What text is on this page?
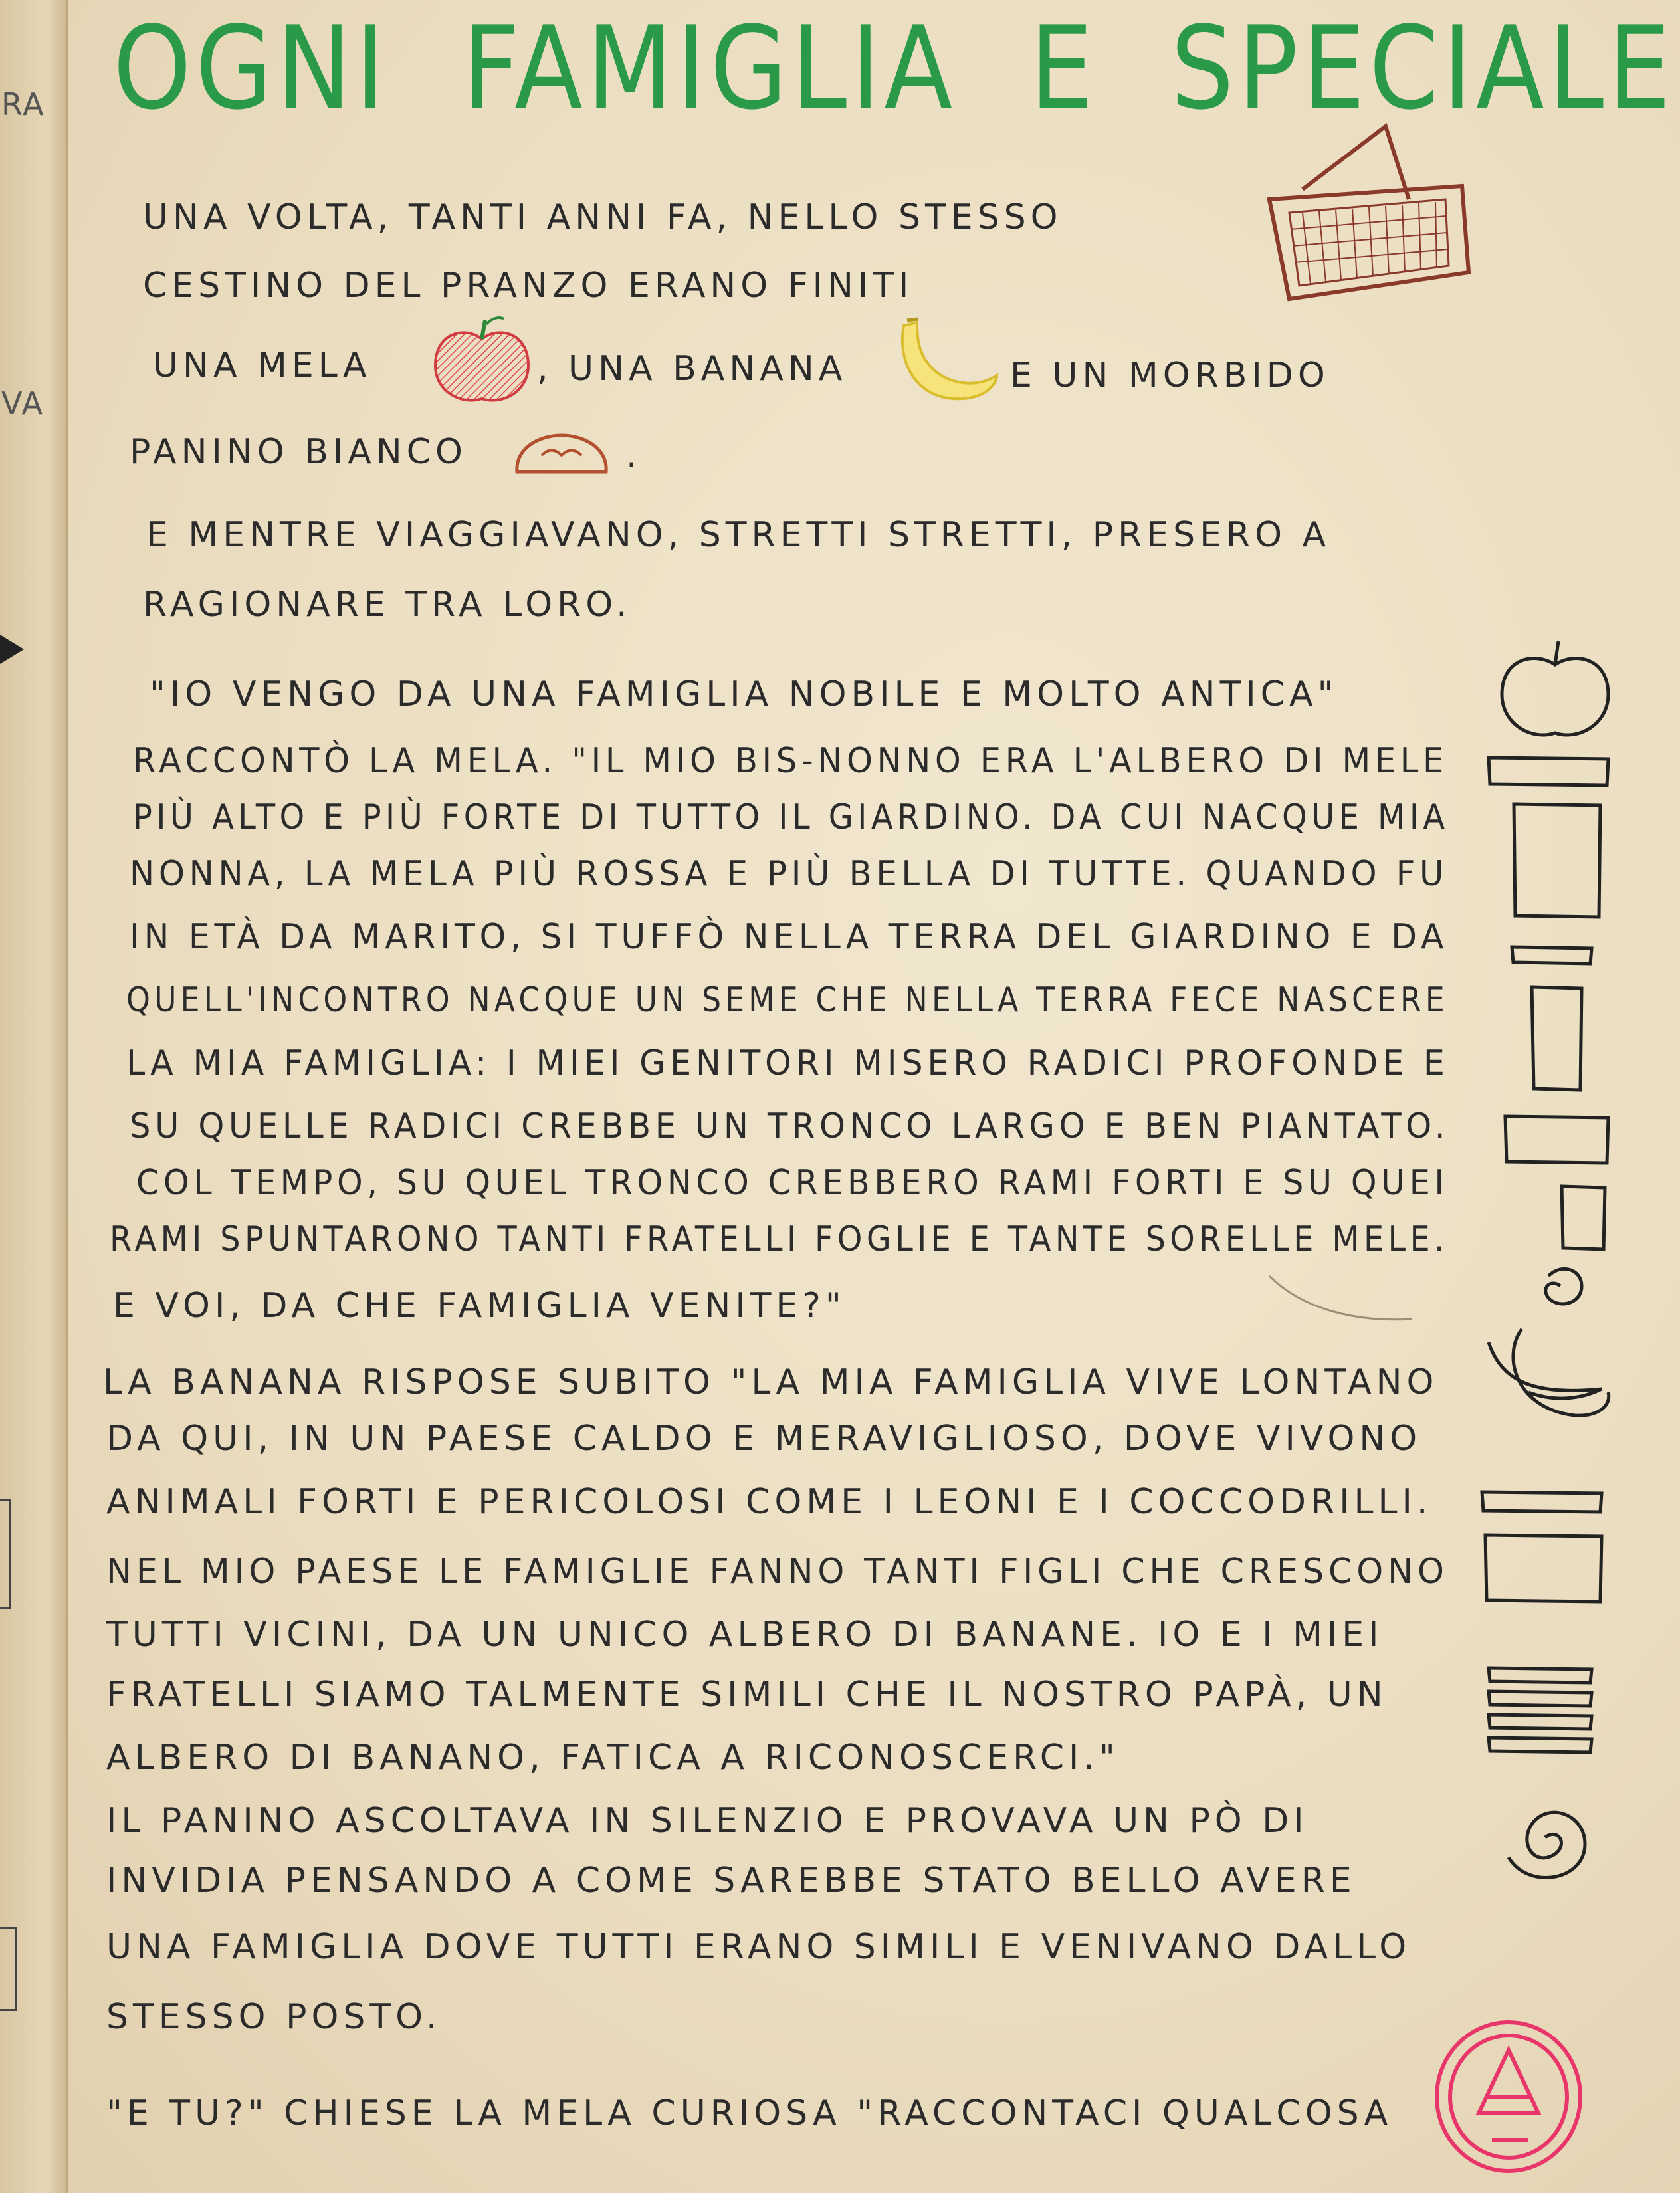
RA
VA
OGNI FAMIGLIA E SPECIALE
UNA VOLTA, TANTI ANNI FA, NELLO STESSO
CESTINO DEL PRANZO ERANO FINITI
UNA MELA	, UNA BANANA	E UN MORBIDO
PANINO BIANCO	.
E MENTRE VIAGGIAVANO, STRETTI STRETTI, PRESERO A
RAGIONARE TRA LORO.
"IO VENGO DA UNA FAMIGLIA NOBILE E MOLTO ANTICA"
RACCONTÒ LA MELA. "IL MIO BIS-NONNO ERA L'ALBERO DI MELE
PIÙ ALTO E PIÙ FORTE DI TUTTO IL GIARDINO. DA CUI NACQUE MIA
NONNA, LA MELA PIÙ ROSSA E PIÙ BELLA DI TUTTE. QUANDO FU
IN ETÀ DA MARITO, SI TUFFÒ NELLA TERRA DEL GIARDINO E DA
QUELL'INCONTRO NACQUE UN SEME CHE NELLA TERRA FECE NASCERE
LA MIA FAMIGLIA: I MIEI GENITORI MISERO RADICI PROFONDE E
SU QUELLE RADICI CREBBE UN TRONCO LARGO E BEN PIANTATO.
COL TEMPO, SU QUEL TRONCO CREBBERO RAMI FORTI E SU QUEI
RAMI SPUNTARONO TANTI FRATELLI FOGLIE E TANTE SORELLE MELE.
E VOI, DA CHE FAMIGLIA VENITE?"
LA BANANA RISPOSE SUBITO "LA MIA FAMIGLIA VIVE LONTANO
DA QUI, IN UN PAESE CALDO E MERAVIGLIOSO, DOVE VIVONO
ANIMALI FORTI E PERICOLOSI COME I LEONI E I COCCODRILLI.
NEL MIO PAESE LE FAMIGLIE FANNO TANTI FIGLI CHE CRESCONO
TUTTI VICINI, DA UN UNICO ALBERO DI BANANE. IO E I MIEI
FRATELLI SIAMO TALMENTE SIMILI CHE IL NOSTRO PAPÀ, UN
ALBERO DI BANANO, FATICA A RICONOSCERCI."
IL PANINO ASCOLTAVA IN SILENZIO E PROVAVA UN PÒ DI
INVIDIA PENSANDO A COME SAREBBE STATO BELLO AVERE
UNA FAMIGLIA DOVE TUTTI ERANO SIMILI E VENIVANO DALLO
STESSO POSTO.
"E TU?" CHIESE LA MELA CURIOSA "RACCONTACI QUALCOSA
